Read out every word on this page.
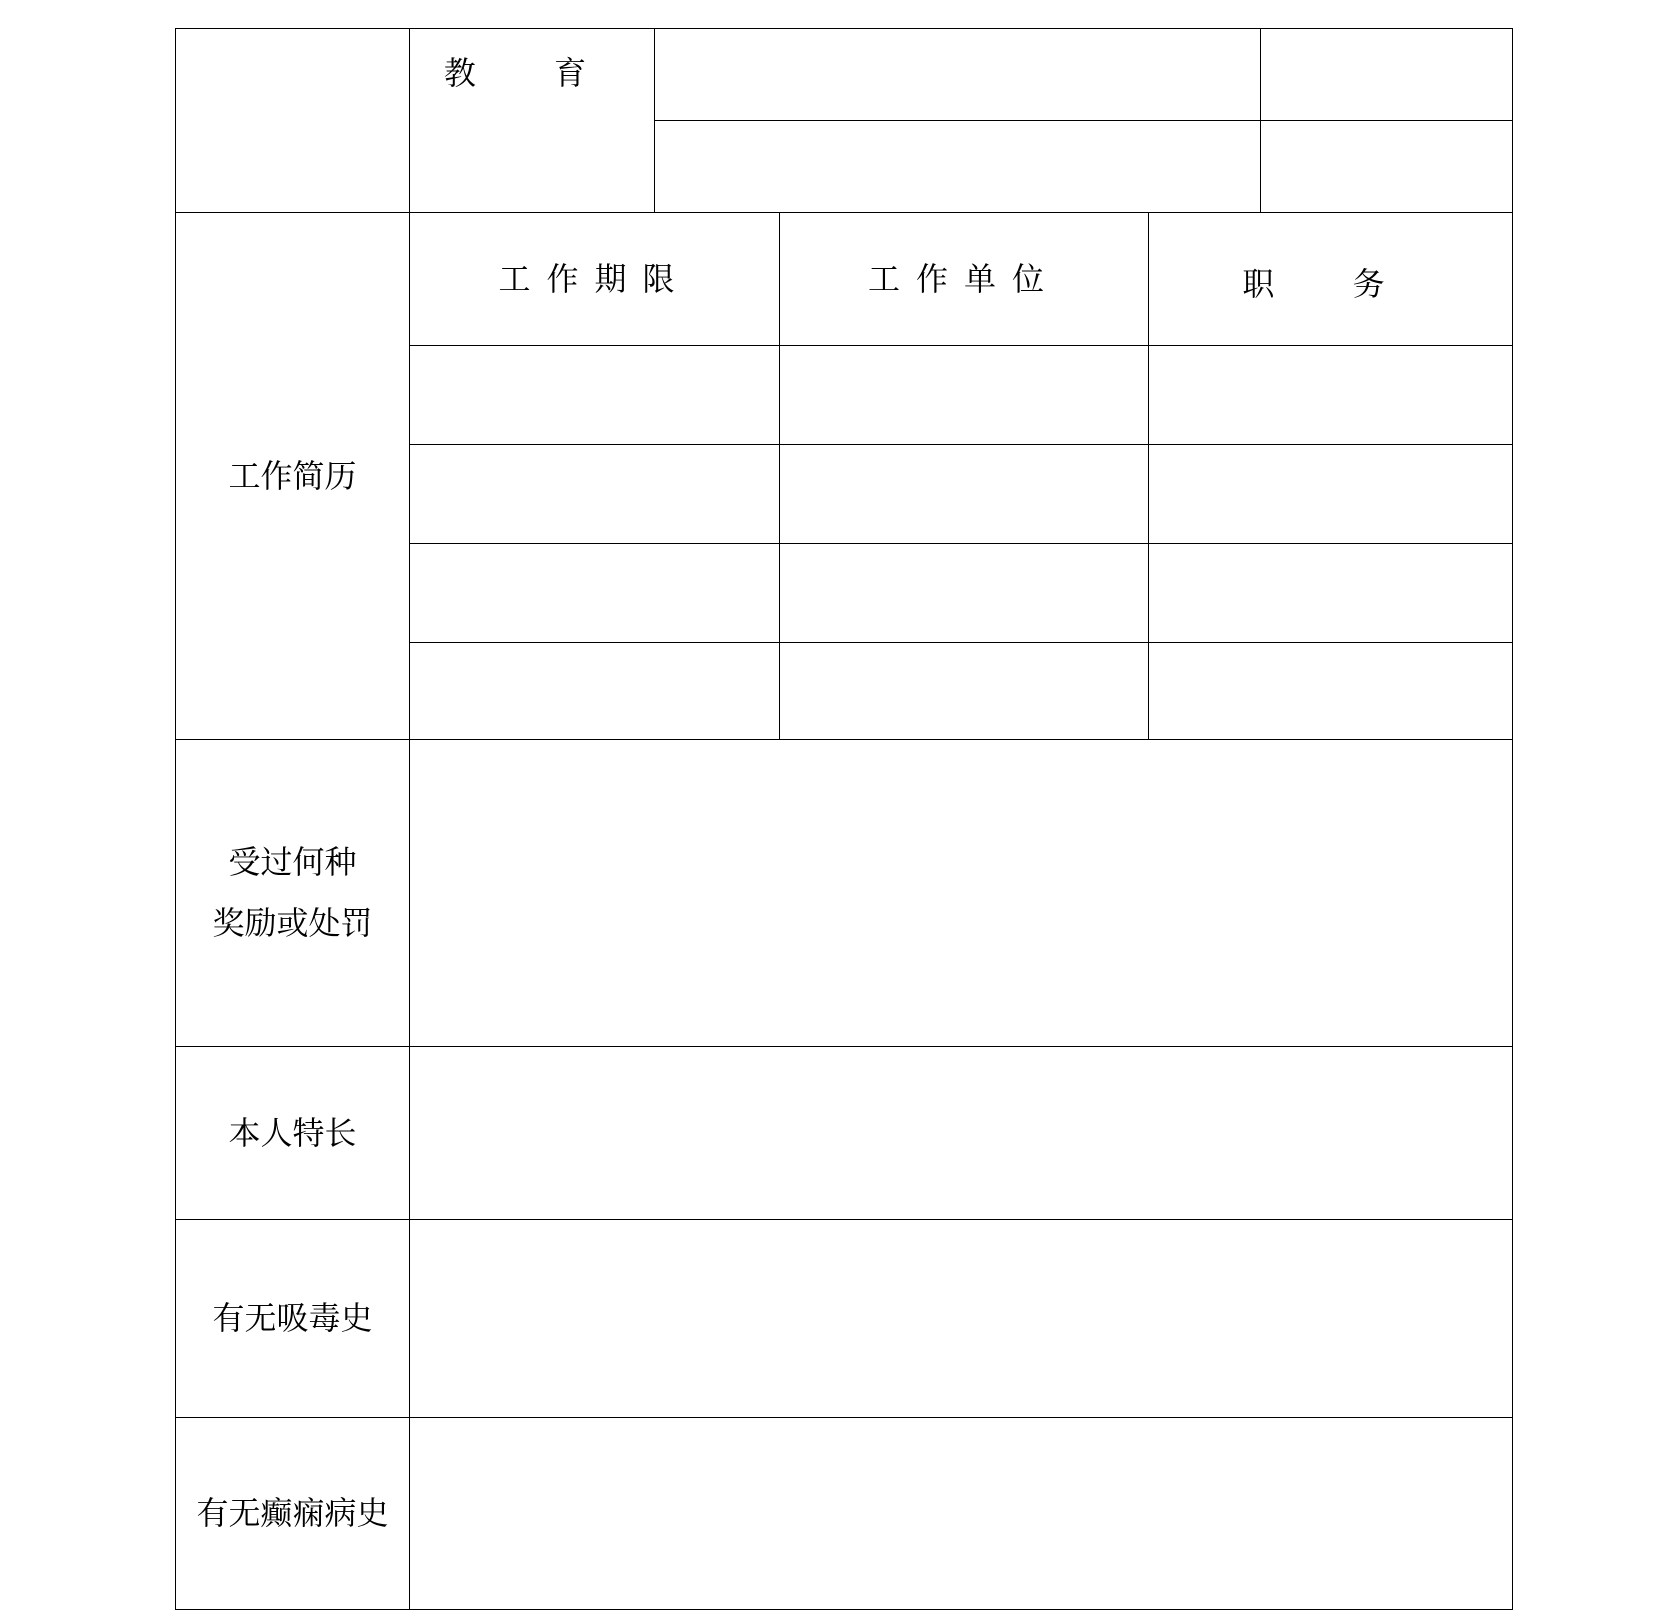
教 育
工作简历
工作期限	工作单位	职 务
受过何种
奖励或处罚
本人特长
有无吸毒史
有无癫痫病史
